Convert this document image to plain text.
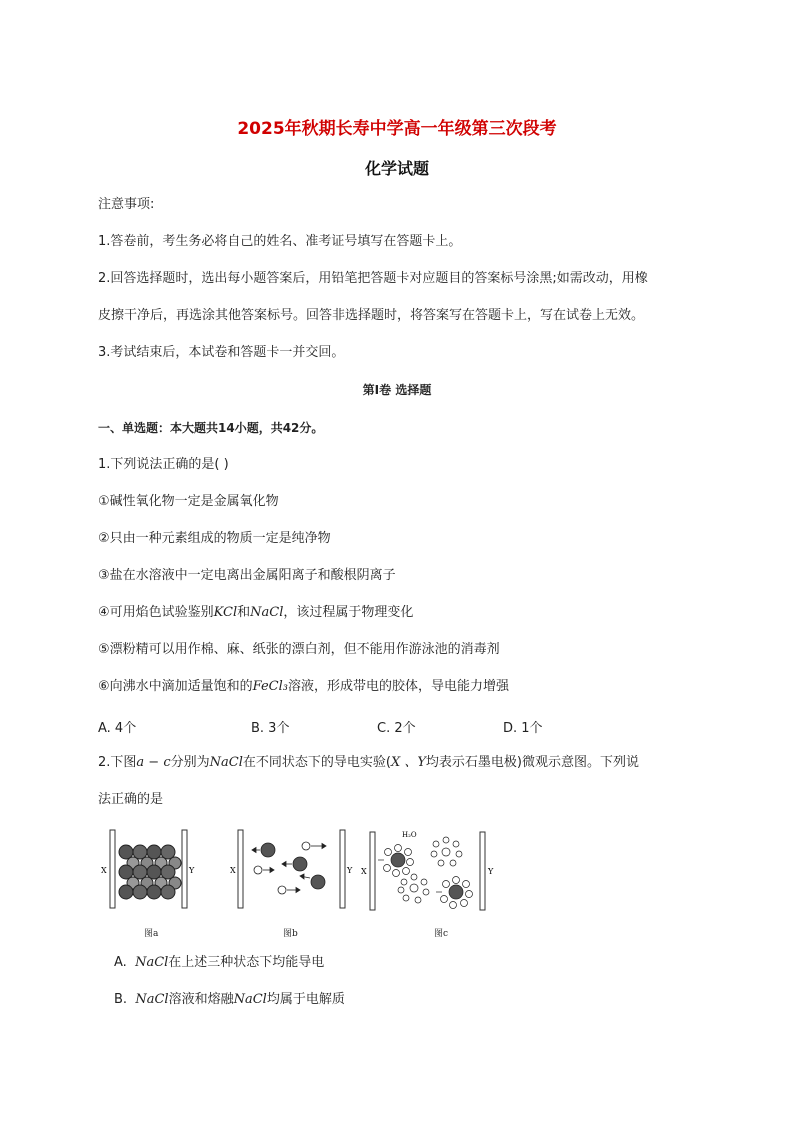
2025年秋期长寿中学高一年级第三次段考
化学试题
注意事项:
1.答卷前，考生务必将自己的姓名、准考证号填写在答题卡上。
2.回答选择题时，选出每小题答案后，用铅笔把答题卡对应题目的答案标号涂黑;如需改动，用橡
皮擦干净后，再选涂其他答案标号。回答非选择题时，将答案写在答题卡上，写在试卷上无效。
3.考试结束后，本试卷和答题卡一并交回。
第Ⅰ卷 选择题
一、单选题：本大题共14小题，共42分。
1.下列说法正确的是( )
①碱性氧化物一定是金属氧化物
②只由一种元素组成的物质一定是纯净物
③盐在水溶液中一定电离出金属阳离子和酸根阴离子
④可用焰色试验鉴别KCl和NaCl，该过程属于物理变化
⑤漂粉精可以用作棉、麻、纸张的漂白剂，但不能用作游泳池的消毒剂
⑥向沸水中滴加适量饱和的FeCl₃溶液，形成带电的胶体，导电能力增强
A. 4个	B. 3个	C. 2个	D. 1个
2.下图a − c分别为NaCl在不同状态下的导电实验(X 、Y均表示石墨电极)微观示意图。下列说
法正确的是
X	Y
图a
X	Y
图b
X	Y
H₂O
图c
A. NaCl在上述三种状态下均能导电
B. NaCl溶液和熔融NaCl均属于电解质
